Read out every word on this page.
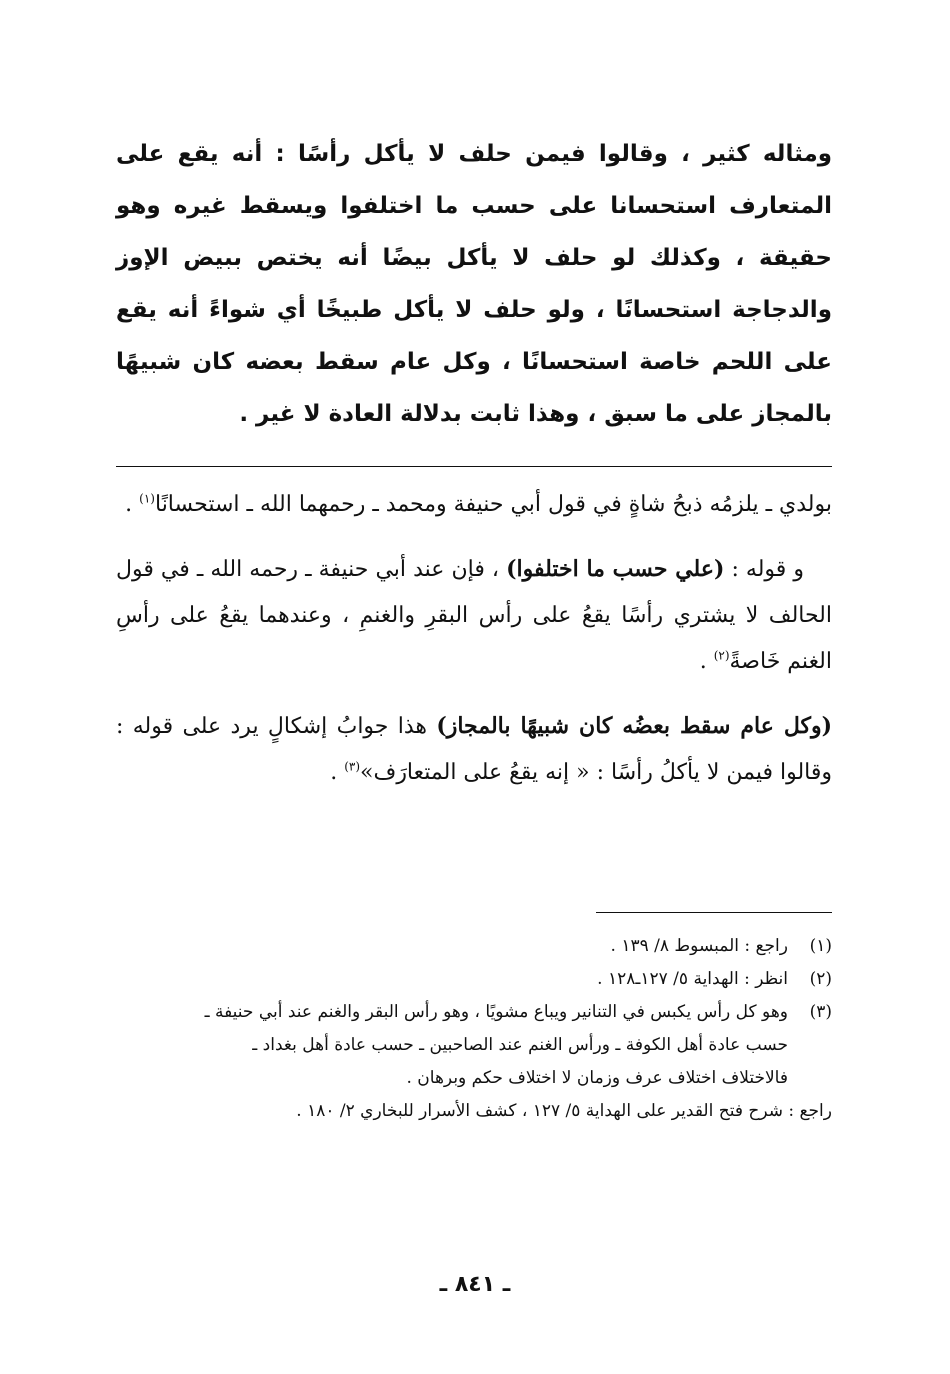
ومثاله كثير ، وقالوا فيمن حلف لا يأكل رأسًا : أنه يقع على المتعارف استحسانا على حسب ما اختلفوا ويسقط غيره وهو حقيقة ، وكذلك لو حلف لا يأكل بيضًا أنه يختص ببيض الإوز والدجاجة استحسانًا ، ولو حلف لا يأكل طبيخًا أي شواءً أنه يقع على اللحم خاصة استحسانًا ، وكل عام سقط بعضه كان شبيهًا بالمجاز على ما سبق ، وهذا ثابت بدلالة العادة لا غير .

بولدي ـ يلزمُه ذبحُ شاةٍ في قول أبي حنيفة ومحمد ـ رحمهما الله ـ استحسانًا$^{(١)}$ .

و قوله : (علي حسب ما اختلفوا) ، فإن عند أبي حنيفة ـ رحمه الله ـ في قول الحالف لا يشتري رأسًا يقعُ على رأس البقرِ والغنمِ ، وعندهما يقعُ على رأسِ الغنم خَاصةً$^{(٢)}$ .

(وكل عام سقط بعضُه كان شبيهًا بالمجاز) هذا جوابُ إشكالٍ يرد على قوله : وقالوا فيمن لا يأكلُ رأسًا : « إنه يقعُ على المتعارَف»$^{(٣)}$ .

(١)
راجع : المبسوط ٨/ ١٣٩ .
(٢)
انظر : الهداية ٥/ ١٢٧ـ١٢٨ .
(٣)
وهو كل رأس يكبس في التنانير ويباع مشويًا ، وهو رأس البقر والغنم عند أبي حنيفة ـ
حسب عادة أهل الكوفة ـ ورأس الغنم عند الصاحبين ـ حسب عادة أهل بغداد ـ
فالاختلاف اختلاف عرف وزمان لا اختلاف حكم وبرهان .
راجع : شرح فتح القدير على الهداية ٥/ ١٢٧ ، كشف الأسرار للبخاري ٢/ ١٨٠ .
ـ ٨٤١ ـ
